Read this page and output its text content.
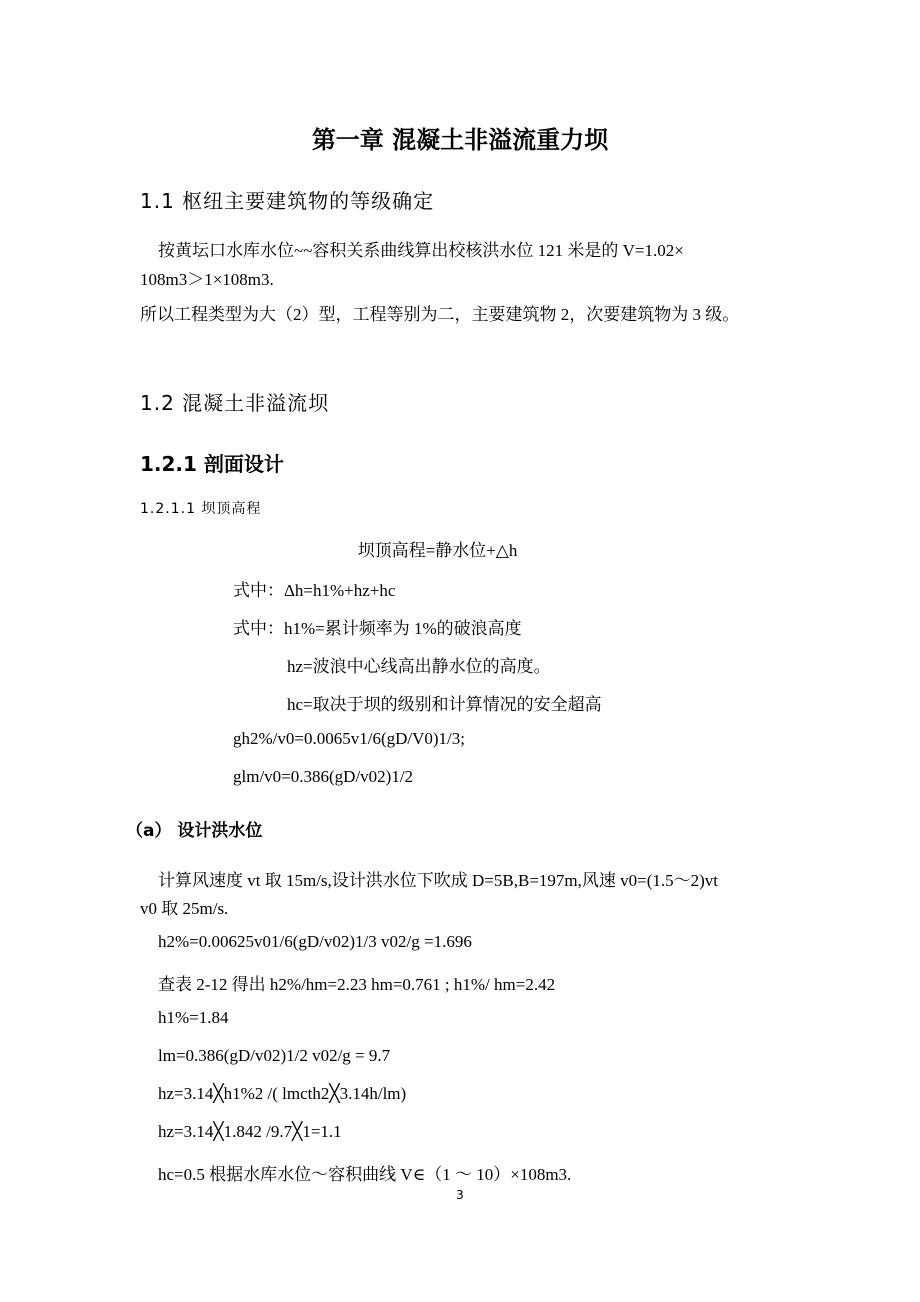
第一章 混凝土非溢流重力坝
1.1 枢纽主要建筑物的等级确定
按黄坛口水库水位~~容积关系曲线算出校核洪水位 121 米是的 V=1.02×
108m3＞1×108m3.
所以工程类型为大（2）型，工程等别为二，主要建筑物 2，次要建筑物为 3 级。
1.2 混凝土非溢流坝
1.2.1 剖面设计
1.2.1.1 坝顶高程
坝顶高程=静水位+△h
式中：Δh=h1%+hz+hc
式中：h1%=累计频率为 1%的破浪高度
hz=波浪中心线高出静水位的高度。
hc=取决于坝的级别和计算情况的安全超高
gh2%/v0=0.0065v1/6(gD/V0)1/3;
glm/v0=0.386(gD/v02)1/2
（a） 设计洪水位
计算风速度 vt 取 15m/s,设计洪水位下吹成 D=5B,B=197m,风速 v0=(1.5～2)vt
v0 取 25m/s.
h2%=0.00625v01/6(gD/v02)1/3 v02/g =1.696
查表 2-12 得出 h2%/hm=2.23 hm=0.761 ; h1%/ hm=2.42
h1%=1.84
lm=0.386(gD/v02)1/2 v02/g = 9.7
hz=3.14╳h1%2 /( lmcth2╳3.14h/lm)
hz=3.14╳1.842 /9.7╳1=1.1
hc=0.5 根据水库水位～容积曲线 V∈（1 ～ 10）×108m3.
3
